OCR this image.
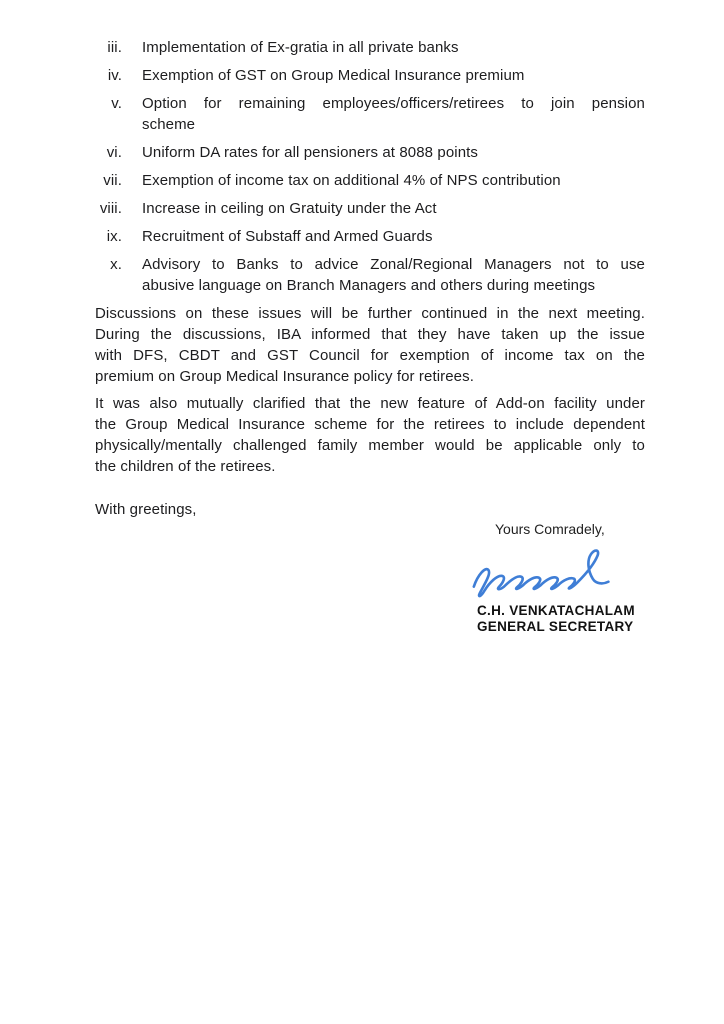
iii. Implementation of Ex-gratia in all private banks
iv. Exemption of GST on Group Medical Insurance premium
v. Option for remaining employees/officers/retirees to join pension
scheme
vi. Uniform DA rates for all pensioners at 8088 points
vii. Exemption of income tax on additional 4% of NPS contribution
viii. Increase in ceiling on Gratuity under the Act
ix. Recruitment of Substaff and Armed Guards
x. Advisory to Banks to advice Zonal/Regional Managers not to use
abusive language on Branch Managers and others during meetings
Discussions on these issues will be further continued in the next meeting.
During the discussions, IBA informed that they have taken up the issue
with DFS, CBDT and GST Council for exemption of income tax on the
premium on Group Medical Insurance policy for retirees.
It was also mutually clarified that the new feature of Add-on facility under
the Group Medical Insurance scheme for the retirees to include dependent
physically/mentally challenged family member would be applicable only to
the children of the retirees.
With greetings,
Yours Comradely,
C.H. VENKATACHALAM
GENERAL SECRETARY
